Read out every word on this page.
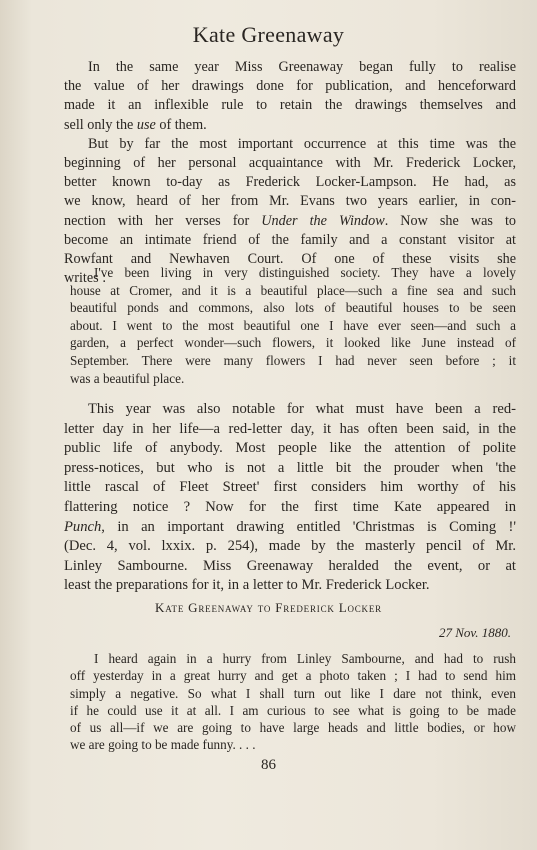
Kate Greenaway
In the same year Miss Greenaway began fully to realise
the value of her drawings done for publication, and henceforward
made it an inflexible rule to retain the drawings themselves and
sell only the use of them.
But by far the most important occurrence at this time was the
beginning of her personal acquaintance with Mr. Frederick Locker,
better known to-day as Frederick Locker-Lampson. He had, as
we know, heard of her from Mr. Evans two years earlier, in con-
nection with her verses for Under the Window. Now she was to
become an intimate friend of the family and a constant visitor at
Rowfant and Newhaven Court. Of one of these visits she
writes :
I've been living in very distinguished society. They have a lovely
house at Cromer, and it is a beautiful place—such a fine sea and such
beautiful ponds and commons, also lots of beautiful houses to be seen
about. I went to the most beautiful one I have ever seen—and such a
garden, a perfect wonder—such flowers, it looked like June instead of
September. There were many flowers I had never seen before ; it
was a beautiful place.
This year was also notable for what must have been a red-
letter day in her life—a red-letter day, it has often been said, in the
public life of anybody. Most people like the attention of polite
press-notices, but who is not a little bit the prouder when 'the
little rascal of Fleet Street' first considers him worthy of his
flattering notice ? Now for the first time Kate appeared in
Punch, in an important drawing entitled 'Christmas is Coming !'
(Dec. 4, vol. lxxix. p. 254), made by the masterly pencil of Mr.
Linley Sambourne. Miss Greenaway heralded the event, or at
least the preparations for it, in a letter to Mr. Frederick Locker.
Kate Greenaway to Frederick Locker
27 Nov. 1880.
I heard again in a hurry from Linley Sambourne, and had to rush
off yesterday in a great hurry and get a photo taken ; I had to send him
simply a negative. So what I shall turn out like I dare not think, even
if he could use it at all. I am curious to see what is going to be made
of us all—if we are going to have large heads and little bodies, or how
we are going to be made funny. . . .
86
